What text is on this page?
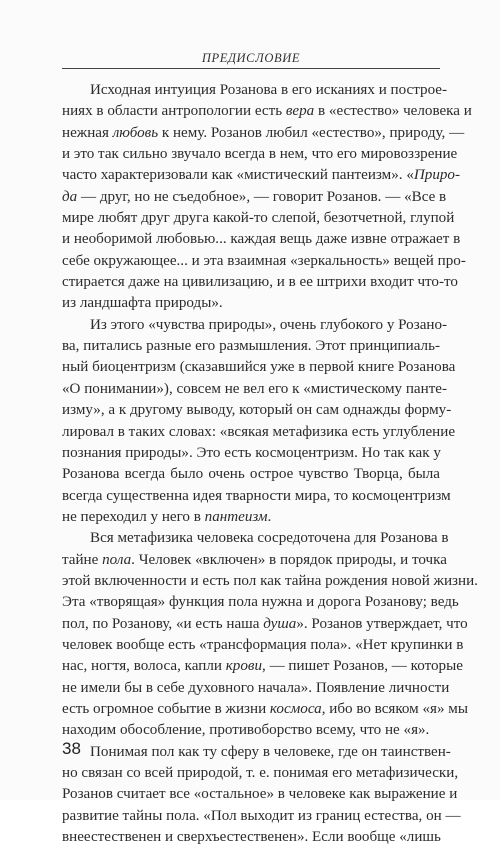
ПРЕДИСЛОВИЕ
Исходная интуиция Розанова в его исканиях и построе-
ниях в области антропологии есть вера в «естество» человека и
нежная любовь к нему. Розанов любил «естество», природу, —
и это так сильно звучало всегда в нем, что его мировоззрение
часто характеризовали как «мистический пантеизм». «Приро-
да — друг, но не съедобное», — говорит Розанов. — «Все в
мире любят друг друга какой-то слепой, безотчетной, глупой
и необоримой любовью... каждая вещь даже извне отражает в
себе окружающее... и эта взаимная «зеркальность» вещей про-
стирается даже на цивилизацию, и в ее штрихи входит что-то
из ландшафта природы».
Из этого «чувства природы», очень глубокого у Розано-
ва, питались разные его размышления. Этот принципиаль-
ный биоцентризм (сказавшийся уже в первой книге Розанова
«О понимании»), совсем не вел его к «мистическому панте-
изму», а к другому выводу, который он сам однажды форму-
лировал в таких словах: «всякая метафизика есть углубление
познания природы». Это есть космоцентризм. Но так как у
Розанова всегда было очень острое чувство Творца, была
всегда существенна идея тварности мира, то космоцентризм
не переходил у него в пантеизм.
Вся метафизика человека сосредоточена для Розанова в
тайне пола. Человек «включен» в порядок природы, и точка
этой включенности и есть пол как тайна рождения новой жизни.
Эта «творящая» функция пола нужна и дорога Розанову; ведь
пол, по Розанову, «и есть наша душа». Розанов утверждает, что
человек вообще есть «трансформация пола». «Нет крупинки в
нас, ногтя, волоса, капли крови, — пишет Розанов, — которые
не имели бы в себе духовного начала». Появление личности
есть огромное событие в жизни космоса, ибо во всяком «я» мы
находим обособление, противоборство всему, что не «я».
Понимая пол как ту сферу в человеке, где он таинствен-
но связан со всей природой, т. е. понимая его метафизически,
Розанов считает все «остальное» в человеке как выражение и
развитие тайны пола. «Пол выходит из границ естества, он —
внеестественен и сверхъестественен». Если вообще «лишь
38
